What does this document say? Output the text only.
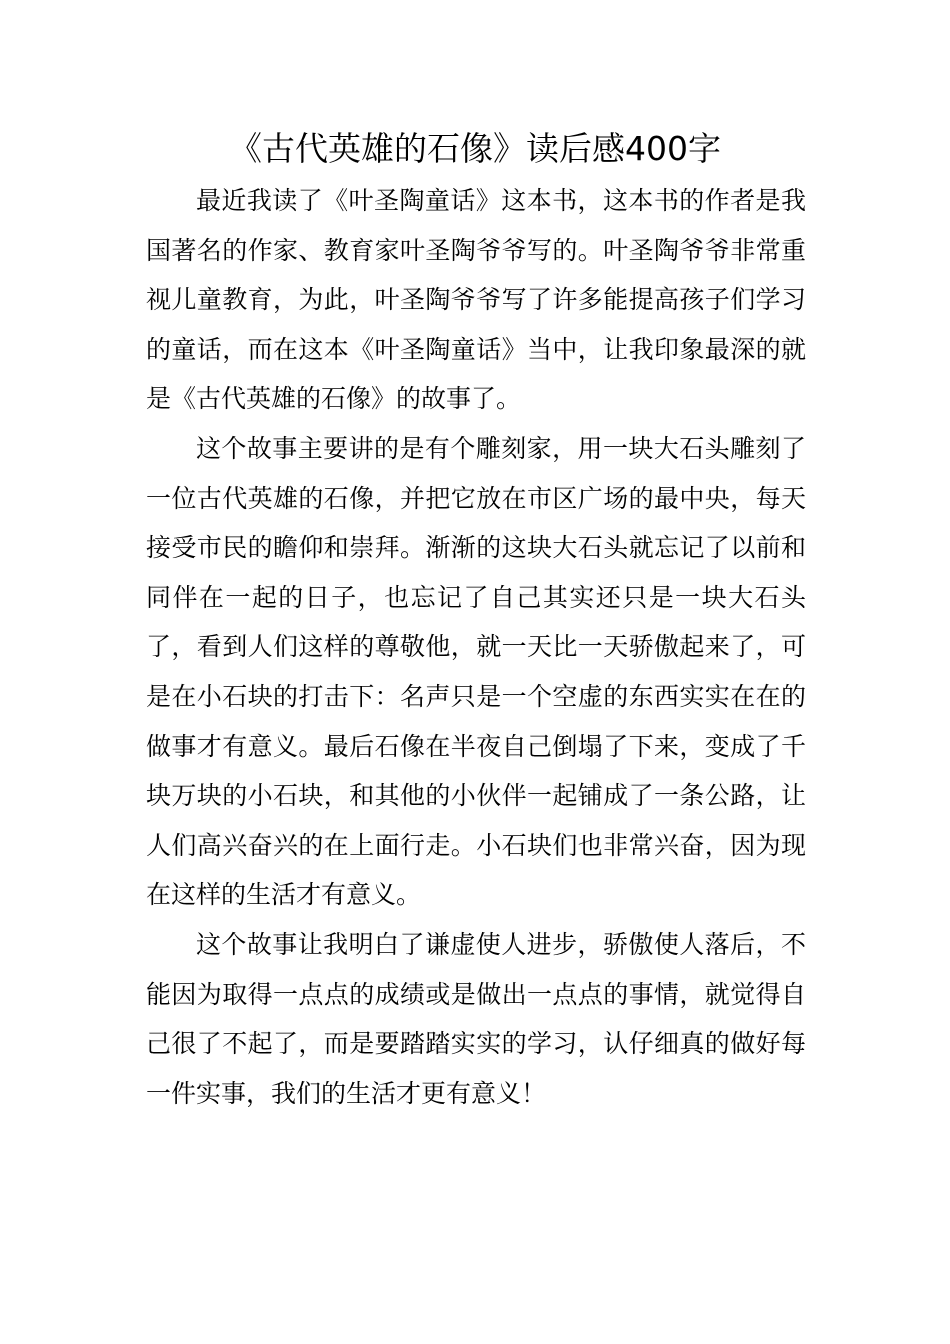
《古代英雄的石像》读后感400字

最近我读了《叶圣陶童话》这本书，这本书的作者是我国著名的作家、教育家叶圣陶爷爷写的。叶圣陶爷爷非常重视儿童教育，为此，叶圣陶爷爷写了许多能提高孩子们学习的童话，而在这本《叶圣陶童话》当中，让我印象最深的就是《古代英雄的石像》的故事了。

这个故事主要讲的是有个雕刻家，用一块大石头雕刻了一位古代英雄的石像，并把它放在市区广场的最中央，每天接受市民的瞻仰和崇拜。渐渐的这块大石头就忘记了以前和同伴在一起的日子，也忘记了自己其实还只是一块大石头了，看到人们这样的尊敬他，就一天比一天骄傲起来了，可是在小石块的打击下：名声只是一个空虚的东西实实在在的做事才有意义。最后石像在半夜自己倒塌了下来，变成了千块万块的小石块，和其他的小伙伴一起铺成了一条公路，让人们高兴奋兴的在上面行走。小石块们也非常兴奋，因为现在这样的生活才有意义。

这个故事让我明白了谦虚使人进步，骄傲使人落后，不能因为取得一点点的成绩或是做出一点点的事情，就觉得自己很了不起了，而是要踏踏实实的学习，认仔细真的做好每一件实事，我们的生活才更有意义！
